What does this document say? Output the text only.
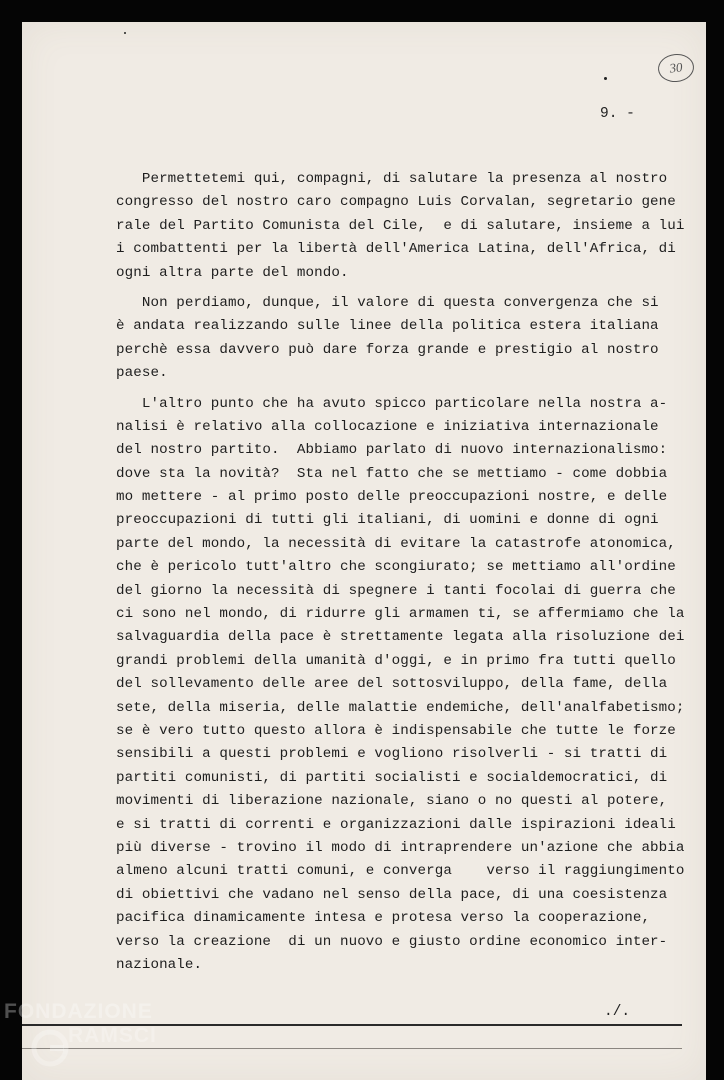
30
9. -
Permettetemi qui, compagni, di salutare la presenza al nostro
congresso del nostro caro compagno Luis Corvalan, segretario gene
rale del Partito Comunista del Cile,  e di salutare, insieme a lui
i combattenti per la libertà dell'America Latina, dell'Africa, di
ogni altra parte del mondo.
Non perdiamo, dunque, il valore di questa convergenza che si
è andata realizzando sulle linee della politica estera italiana
perchè essa davvero può dare forza grande e prestigio al nostro
paese.
L'altro punto che ha avuto spicco particolare nella nostra a-
nalisi è relativo alla collocazione e iniziativa internazionale
del nostro partito.  Abbiamo parlato di nuovo internazionalismo:
dove sta la novità?  Sta nel fatto che se mettiamo - come dobbia
mo mettere - al primo posto delle preoccupazioni nostre, e delle
preoccupazioni di tutti gli italiani, di uomini e donne di ogni
parte del mondo, la necessità di evitare la catastrofe atonomica,
che è pericolo tutt'altro che scongiurato; se mettiamo all'ordine
del giorno la necessità di spegnere i tanti focolai di guerra che
ci sono nel mondo, di ridurre gli armamen ti, se affermiamo che la
salvaguardia della pace è strettamente legata alla risoluzione dei
grandi problemi della umanità d'oggi, e in primo fra tutti quello
del sollevamento delle aree del sottosviluppo, della fame, della
sete, della miseria, delle malattie endemiche, dell'analfabetismo;
se è vero tutto questo allora è indispensabile che tutte le forze
sensibili a questi problemi e vogliono risolverli - si tratti di
partiti comunisti, di partiti socialisti e socialdemocratici, di
movimenti di liberazione nazionale, siano o no questi al potere,
e si tratti di correnti e organizzazioni dalle ispirazioni ideali
più diverse - trovino il modo di intraprendere un'azione che abbia
almeno alcuni tratti comuni, e converga    verso il raggiungimento
di obiettivi che vadano nel senso della pace, di una coesistenza
pacifica dinamicamente intesa e protesa verso la cooperazione,
verso la creazione  di un nuovo e giusto ordine economico inter-
nazionale.
./.
FONDAZIONE
RAMSCI
